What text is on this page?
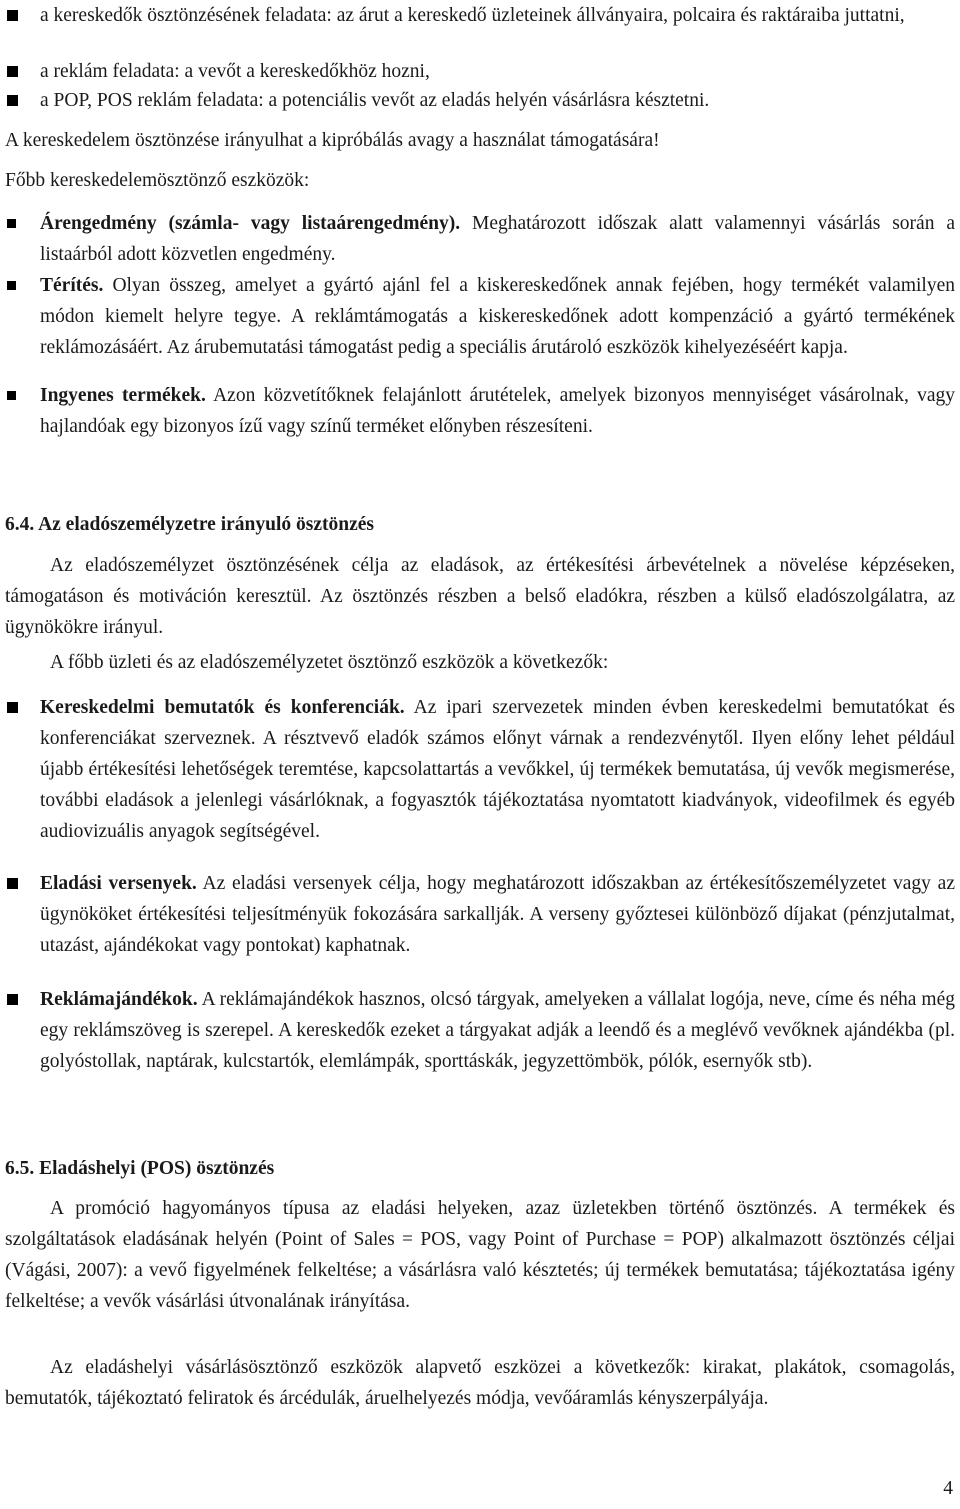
a kereskedők ösztönzésének feladata: az árut a kereskedő üzleteinek állványaira, polcaira és raktáraiba juttatni,
a reklám feladata: a vevőt a kereskedőkhöz hozni,
a POP, POS reklám feladata: a potenciális vevőt az eladás helyén vásárlásra késztetni.
A kereskedelem ösztönzése irányulhat a kipróbálás avagy a használat támogatására!
Főbb kereskedelemösztönző eszközök:
Árengedmény (számla- vagy listaárengedmény). Meghatározott időszak alatt valamennyi vásárlás során a listaárból adott közvetlen engedmény.
Térítés. Olyan összeg, amelyet a gyártó ajánl fel a kiskereskedőnek annak fejében, hogy termékét valamilyen módon kiemelt helyre tegye. A reklámtámogatás a kiskereskedőnek adott kompenzáció a gyártó termékének reklámozásáért. Az árubemutatási támogatást pedig a speciális árutároló eszközök kihelyezéséért kapja.
Ingyenes termékek. Azon közvetítőknek felajánlott árutételek, amelyek bizonyos mennyiséget vásárolnak, vagy hajlandóak egy bizonyos ízű vagy színű terméket előnyben részesíteni.
6.4. Az eladószemélyzetre irányuló ösztönzés
Az eladószemélyzet ösztönzésének célja az eladások, az értékesítési árbevételnek a növelése képzéseken, támogatáson és motiváción keresztül. Az ösztönzés részben a belső eladókra, részben a külső eladószolgálatra, az ügynökökre irányul.
A főbb üzleti és az eladószemélyzetet ösztönző eszközök a következők:
Kereskedelmi bemutatók és konferenciák. Az ipari szervezetek minden évben kereskedelmi bemutatókat és konferenciákat szerveznek. A résztvevő eladók számos előnyt várnak a rendezvénytől. Ilyen előny lehet például újabb értékesítési lehetőségek teremtése, kapcsolattartás a vevőkkel, új termékek bemutatása, új vevők megismerése, további eladások a jelenlegi vásárlóknak, a fogyasztók tájékoztatása nyomtatott kiadványok, videofilmek és egyéb audiovizuális anyagok segítségével.
Eladási versenyek. Az eladási versenyek célja, hogy meghatározott időszakban az értékesítőszemélyzetet vagy az ügynököket értékesítési teljesítményük fokozására sarkallják. A verseny győztesei különböző díjakat (pénzjutalmat, utazást, ajándékokat vagy pontokat) kaphatnak.
Reklámajándékok. A reklámajándékok hasznos, olcsó tárgyak, amelyeken a vállalat logója, neve, címe és néha még egy reklámszöveg is szerepel. A kereskedők ezeket a tárgyakat adják a leendő és a meglévő vevőknek ajándékba (pl. golyóstollak, naptárak, kulcstartók, elemlámpák, sporttáskák, jegyzettömbök, pólók, esernyők stb).
6.5. Eladáshelyi (POS) ösztönzés
A promóció hagyományos típusa az eladási helyeken, azaz üzletekben történő ösztönzés. A termékek és szolgáltatások eladásának helyén (Point of Sales = POS, vagy Point of Purchase = POP) alkalmazott ösztönzés céljai (Vágási, 2007): a vevő figyelmének felkeltése; a vásárlásra való késztetés; új termékek bemutatása; tájékoztatása igény felkeltése; a vevők vásárlási útvonalának irányítása.
Az eladáshelyi vásárlásösztönző eszközök alapvető eszközei a következők: kirakat, plakátok, csomagolás, bemutatók, tájékoztató feliratok és árcédulák, áruelhelyezés módja, vevőáramlás kényszerpályája.
4
